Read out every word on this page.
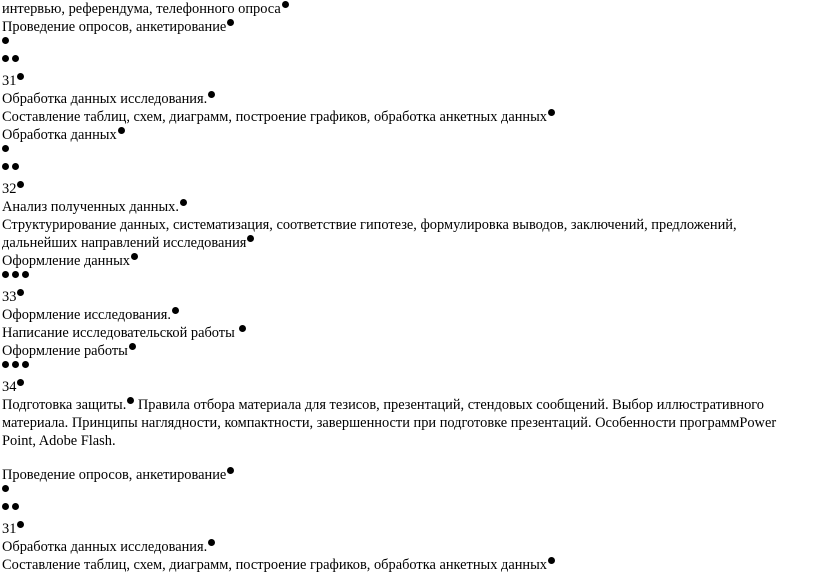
интервью, референдума, телефонного опроса
Проведение опросов, анкетирование
31
Обработка данных исследования.
Составление таблиц, схем, диаграмм, построение графиков, обработка анкетных данных
Обработка данных
32
Анализ полученных данных.
Структурирование данных, систематизация, соответствие гипотезе, формулировка выводов, заключений, предложений, дальнейших направлений исследования
Оформление данных
33
Оформление исследования.
Написание исследовательской работы
Оформление работы
34
Подготовка защиты. Правила отбора материала для тезисов, презентаций, стендовых сообщений. Выбор иллюстративного материала. Принципы наглядности, компактности, завершенности при подготовке презентаций. Особенности программPower Point, Adobe Flash.
Проведение опросов, анкетирование
31
Обработка данных исследования.
Составление таблиц, схем, диаграмм, построение графиков, обработка анкетных данных
